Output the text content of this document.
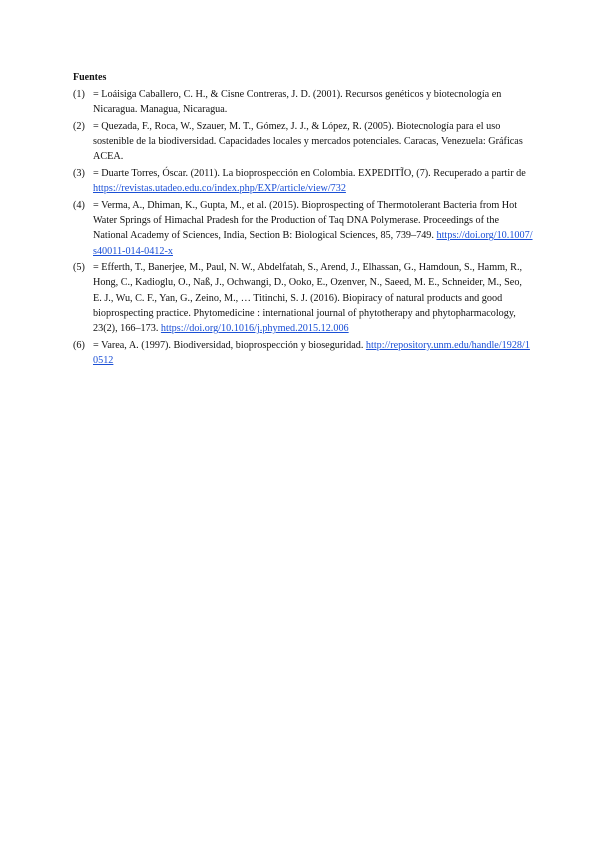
Fuentes
(1) = Loáisiga Caballero, C. H., & Cisne Contreras, J. D. (2001). Recursos genéticos y biotecnología en Nicaragua. Managua, Nicaragua.
(2) = Quezada, F., Roca, W., Szauer, M. T., Gómez, J. J., & López, R. (2005). Biotecnología para el uso sostenible de la biodiversidad. Capacidades locales y mercados potenciales. Caracas, Venezuela: Gráficas ACEA.
(3) = Duarte Torres, Óscar. (2011). La bioprospección en Colombia. EXPEDITĨO, (7). Recuperado a partir de https://revistas.utadeo.edu.co/index.php/EXP/article/view/732
(4) = Verma, A., Dhiman, K., Gupta, M., et al. (2015). Bioprospecting of Thermotolerant Bacteria from Hot Water Springs of Himachal Pradesh for the Production of Taq DNA Polymerase. Proceedings of the National Academy of Sciences, India, Section B: Biological Sciences, 85, 739–749. https://doi.org/10.1007/s40011-014-0412-x
(5) = Efferth, T., Banerjee, M., Paul, N. W., Abdelfatah, S., Arend, J., Elhassan, G., Hamdoun, S., Hamm, R., Hong, C., Kadioglu, O., Naß, J., Ochwangi, D., Ooko, E., Ozenver, N., Saeed, M. E., Schneider, M., Seo, E. J., Wu, C. F., Yan, G., Zeino, M., … Titinchi, S. J. (2016). Biopiracy of natural products and good bioprospecting practice. Phytomedicine : international journal of phytotherapy and phytopharmacology, 23(2), 166–173. https://doi.org/10.1016/j.phymed.2015.12.006
(6) = Varea, A. (1997). Biodiversidad, bioprospección y bioseguridad. http://repository.unm.edu/handle/1928/10512
